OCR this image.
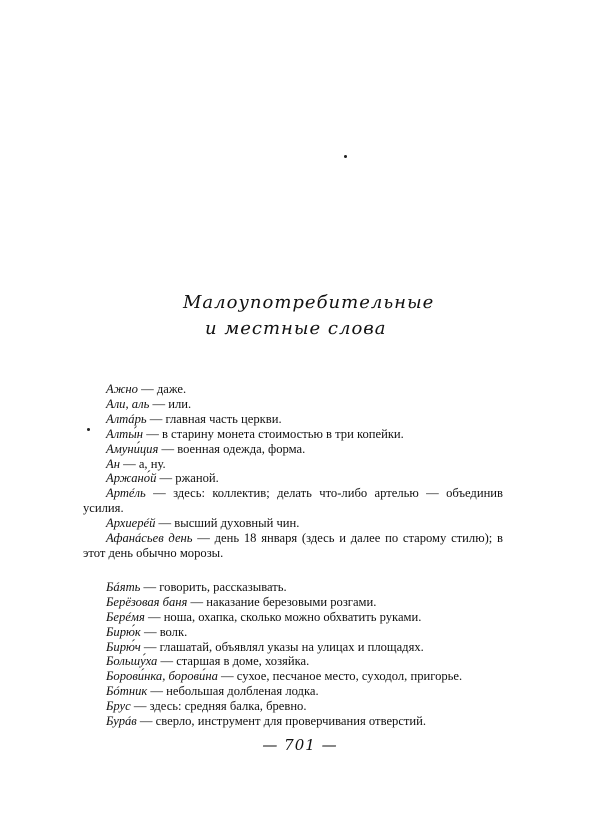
Малоупотребительные
и местные слова

Ажно — даже.

Али, аль — или.

Алтáрь — главная часть церкви.

Алты́н — в старину монета стоимостью в три копейки.

Амуни́ция — военная одежда, форма.

Ан — а, ну.

Аржано́й — ржаной.

Артéль — здесь: коллектив; делать что-либо артелью — объединив усилия.

Архиерéй — высший духовный чин.

Афанáсьев день — день 18 января (здесь и далее по старому стилю); в этот день обычно морозы.

Бáять — говорить, рассказывать.

Берёзовая баня — наказание березовыми розгами.

Берéмя — ноша, охапка, сколько можно обхватить руками.

Бирю́к — волк.

Бирю́ч — глашатай, объявлял указы на улицах и площадях.

Большу́ха — старшая в доме, хозяйка.

Борови́нка, борови́на — сухое, песчаное место, суходол, пригорье.

Бóтник — небольшая долбленая лодка.

Брус — здесь: средняя балка, бревно.

Бурáв — сверло, инструмент для проверчивания отверстий.

— 701 —
